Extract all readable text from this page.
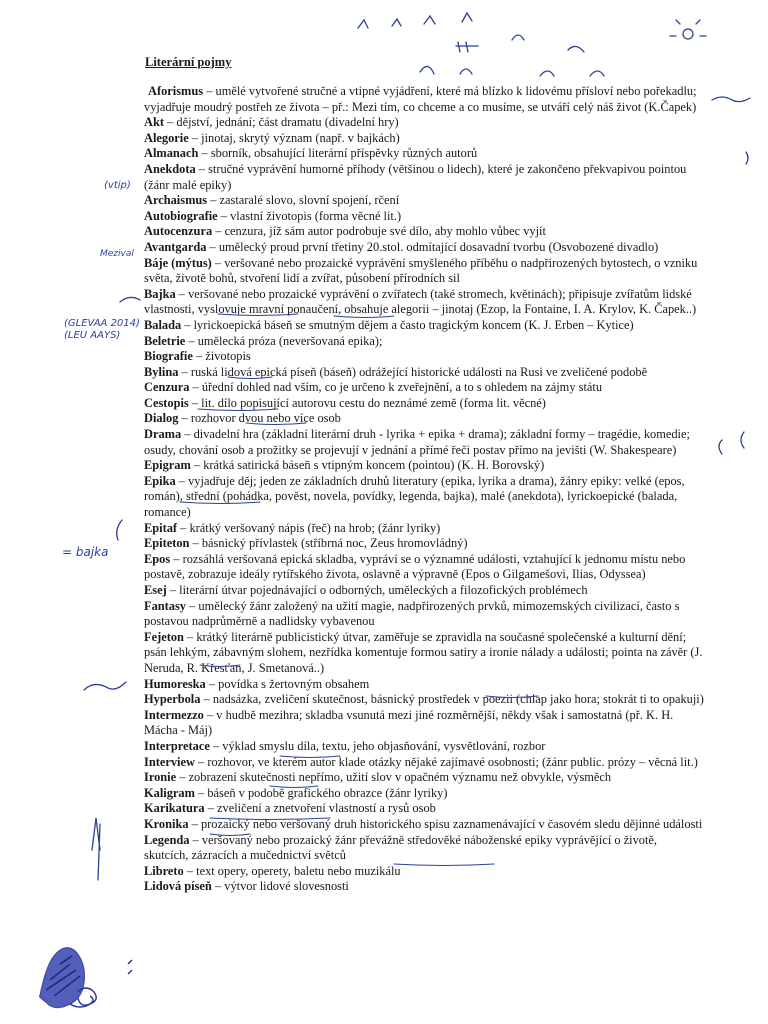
Literární pojmy

Aforismus – umělé vytvořené stručné a vtipné vyjádření, které má blízko k lidovému přísloví nebo pořekadlu; vyjadřuje moudrý postřeh ze života – př.: Mezi tím, co chceme a co musíme, se utváří celý náš život (K.Čapek)

Akt – dějství, jednání; část dramatu (divadelní hry)

Alegorie – jinotaj, skrytý význam (např. v bajkách)

Almanach – sborník, obsahující literární příspěvky různých autorů

Anekdota – stručné vyprávění humorné příhody (většinou o lidech), které je zakončeno překvapivou pointou (žánr malé epiky)

Archaismus – zastaralé slovo, slovní spojení, rčení

Autobiografie – vlastní životopis (forma věcné lit.)

Autocenzura – cenzura, jíž sám autor podrobuje své dílo, aby mohlo vůbec vyjít

Avantgarda – umělecký proud první třetiny 20.stol. odmítající dosavadní tvorbu (Osvobozené divadlo)

Báje (mýtus) – veršované nebo prozaické vyprávění smyšleného příběhu o nadpřirozených bytostech, o vzniku světa, životě bohů, stvoření lidí a zvířat, působení přírodních sil

Bajka – veršované nebo prozaické vyprávění o zvířatech (také stromech, květinách); připisuje zvířatům lidské vlastnosti, vyslovuje mravní ponaučení, obsahuje alegorii – jinotaj (Ezop, la Fontaine, I. A. Krylov, K. Čapek..)

Balada – lyrickoepická báseň se smutným dějem a často tragickým koncem (K. J. Erben – Kytice)

Beletrie – umělecká próza (neveršovaná epika);

Biografie – životopis

Bylina – ruská lidová epická píseň (báseň) odrážející historické události na Rusi ve zveličené podobě

Cenzura – úřední dohled nad vším, co je určeno k zveřejnění, a to s ohledem na zájmy státu

Cestopis – lit. dílo popisující autorovu cestu do neznámé země (forma lit. věcné)

Dialog – rozhovor dvou nebo více osob

Drama – divadelní hra (základní literární druh - lyrika + epika + drama); základní formy – tragédie, komedie; osudy, chování osob a prožitky se projevují v jednání a přímé řeči postav přímo na jevišti (W. Shakespeare)

Epigram – krátká satirická báseň s vtipným koncem (pointou) (K. H. Borovský)

Epika – vyjadřuje děj; jeden ze základních druhů literatury (epika, lyrika a drama), žánry epiky: velké (epos, román), střední (pohádka, pověst, novela, povídky, legenda, bajka), malé (anekdota), lyrickoepické (balada, romance)

Epitaf – krátký veršovaný nápis (řeč) na hrob; (žánr lyriky)

Epiteton – básnický přívlastek (stříbrná noc, Zeus hromovládný)

Epos – rozsáhlá veršovaná epická skladba, vypráví se o významné události, vztahující k jednomu místu nebo postavě, zobrazuje ideály rytířského života, oslavně a výpravně (Epos o Gilgamešovi, Ilias, Odyssea)

Esej – literární útvar pojednávající o odborných, uměleckých a filozofických problémech

Fantasy – umělecký žánr založený na užití magie, nadpřirozených prvků, mimozemských civilizací, často s postavou nadprůměrně a nadlidsky vybavenou

Fejeton – krátký literárně publicistický útvar, zaměřuje se zpravidla na současné společenské a kulturní dění; psán lehkým, zábavným slohem, nezřídka komentuje formou satiry a ironie nálady a události; pointa na závěr (J. Neruda, R. Křesťan, J. Smetanová..)

Humoreska – povídka s žertovným obsahem

Hyperbola – nadsázka, zveličení skutečnost, básnický prostředek v poezii (chlap jako hora; stokrát ti to opakuji)

Intermezzo – v hudbě mezihra; skladba vsunutá mezi jiné rozměrnější, někdy však i samostatná (př. K. H. Mácha - Máj)

Interpretace – výklad smyslu díla, textu, jeho objasňování, vysvětlování, rozbor

Interview – rozhovor, ve kterém autor klade otázky nějaké zajímavé osobnosti; (žánr public. prózy – věcná lit.)

Ironie – zobrazení skutečnosti nepřímo, užití slov v opačném významu než obvykle, výsměch

Kaligram – báseň v podobě grafického obrazce (žánr lyriky)

Karikatura – zveličení a znetvoření vlastností a rysů osob

Kronika – prozaický nebo veršovaný druh historického spisu zaznamenávající v časovém sledu dějinné události

Legenda – veršovaný nebo prozaický žánr převážně středověké náboženské epiky vyprávějící o životě, skutcích, zázracích a mučednictví světců

Libreto – text opery, operety, baletu nebo muzikálu

Lidová píseň – výtvor lidové slovesnosti

(vtip)
Mezival
(GLEVAA 2014) (LEU AAYS)
= bajka
